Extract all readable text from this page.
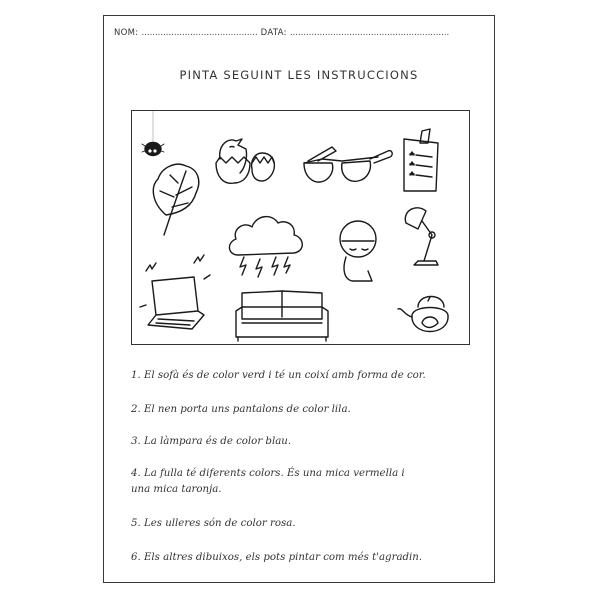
NOM: ........................................... DATA: ...........................................................
PINTA SEGUINT LES INSTRUCCIONS
1. El sofà és de color verd i té un coixí amb forma de cor.
2. El nen porta uns pantalons de color lila.
3. La làmpara és de color blau.
4. La fulla té diferents colors. És una mica vermella i
una mica taronja.
5. Les ulleres són de color rosa.
6. Els altres dibuixos, els pots pintar com més t'agradin.
